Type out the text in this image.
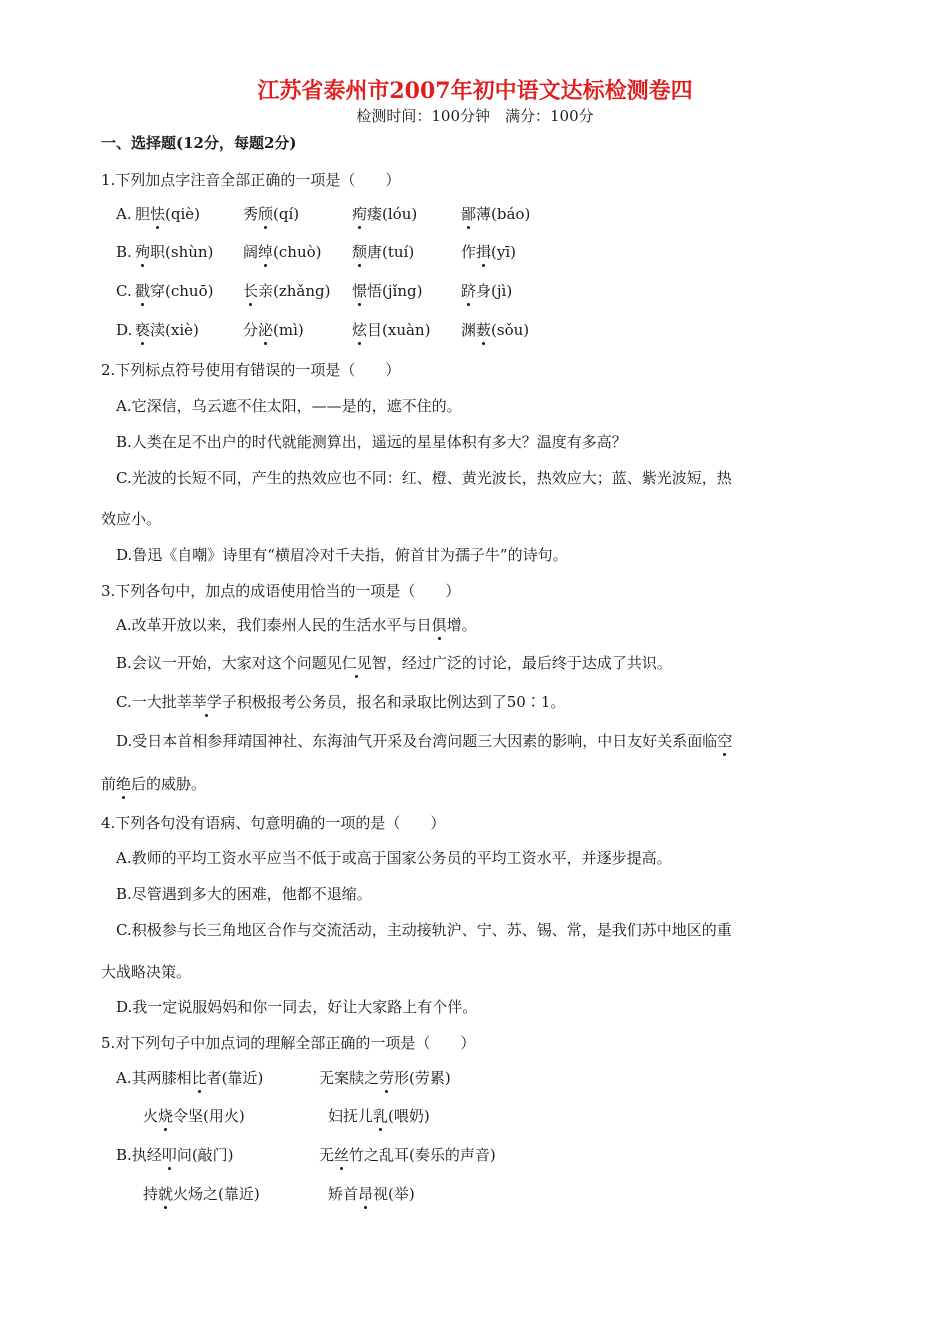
江苏省泰州市2007年初中语文达标检测卷四
检测时间：100分钟　满分：100分
一、选择题(12分，每题2分)
1.下列加点字注音全部正确的一项是（　　）
A. 胆怯(qiè)	秀颀(qí)	痀瘘(lóu)	鄙薄(báo)
B. 殉职(shùn) 阔绰(chuò) 颓唐(tuí)	作揖(yī)
C. 戳穿(chuō) 长亲(zhǎng) 憬悟(jǐng)	跻身(jì)
D. 亵渎(xiè)	分泌(mì)	炫目(xuàn) 渊薮(sǒu)
2.下列标点符号使用有错误的一项是（　　）
A.它深信，乌云遮不住太阳，——是的，遮不住的。
B.人类在足不出户的时代就能测算出，遥远的星星体积有多大？温度有多高？
C.光波的长短不同，产生的热效应也不同：红、橙、黄光波长，热效应大；蓝、紫光波短，热
效应小。
D.鲁迅《自嘲》诗里有“横眉冷对千夫指，俯首甘为孺子牛”的诗句。
3.下列各句中，加点的成语使用恰当的一项是（　　）
A.改革开放以来，我们泰州人民的生活水平与日俱增。
B.会议一开始，大家对这个问题见仁见智，经过广泛的讨论，最后终于达成了共识。
C.一大批莘莘学子积极报考公务员，报名和录取比例达到了50∶1。
D.受日本首相参拜靖国神社、东海油气开采及台湾问题三大因素的影响，中日友好关系面临空
前绝后的威胁。
4.下列各句没有语病、句意明确的一项的是（　　）
A.教师的平均工资水平应当不低于或高于国家公务员的平均工资水平，并逐步提高。
B.尽管遇到多大的困难，他都不退缩。
C.积极参与长三角地区合作与交流活动，主动接轨沪、宁、苏、锡、常，是我们苏中地区的重
大战略决策。
D.我一定说服妈妈和你一同去，好让大家路上有个伴。
5.对下列句子中加点词的理解全部正确的一项是（　　）
A.其两膝相比者(靠近)	无案牍之劳形(劳累)
火烧令坚(用火)	妇抚儿乳(喂奶)
B.执经叩问(敲门)	无丝竹之乱耳(奏乐的声音)
持就火炀之(靠近)	矫首昂视(举)
